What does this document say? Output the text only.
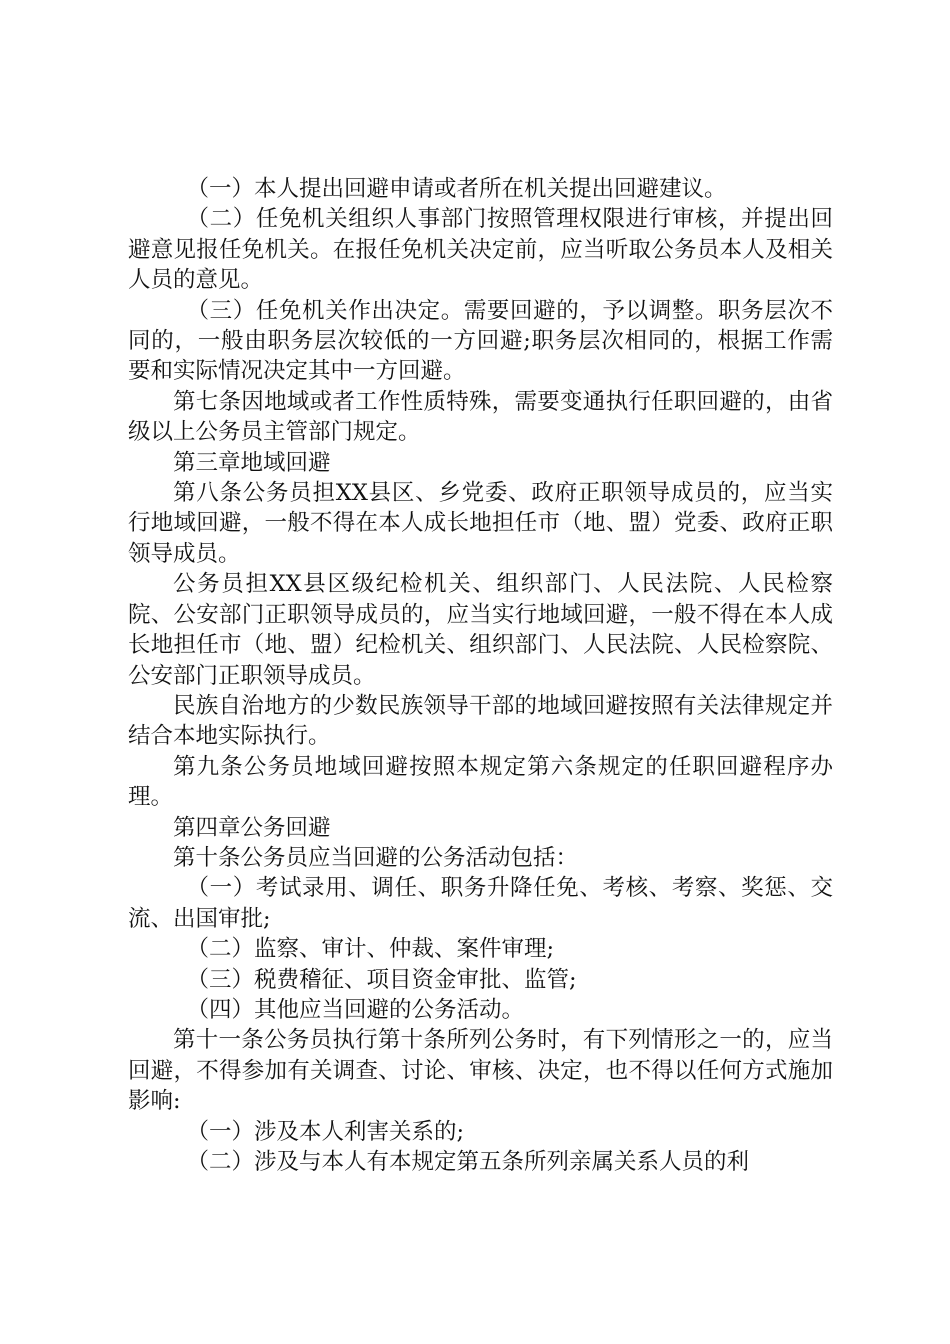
（一）本人提出回避申请或者所在机关提出回避建议。

（二）任免机关组织人事部门按照管理权限进行审核，并提出回避意见报任免机关。在报任免机关决定前，应当听取公务员本人及相关人员的意见。

（三）任免机关作出决定。需要回避的，予以调整。职务层次不同的，一般由职务层次较低的一方回避;职务层次相同的，根据工作需要和实际情况决定其中一方回避。

第七条因地域或者工作性质特殊，需要变通执行任职回避的，由省级以上公务员主管部门规定。

第三章地域回避

第八条公务员担XX县区、乡党委、政府正职领导成员的，应当实行地域回避，一般不得在本人成长地担任市（地、盟）党委、政府正职领导成员。

公务员担XX县区级纪检机关、组织部门、人民法院、人民检察院、公安部门正职领导成员的，应当实行地域回避，一般不得在本人成长地担任市（地、盟）纪检机关、组织部门、人民法院、人民检察院、公安部门正职领导成员。

民族自治地方的少数民族领导干部的地域回避按照有关法律规定并结合本地实际执行。

第九条公务员地域回避按照本规定第六条规定的任职回避程序办理。

第四章公务回避

第十条公务员应当回避的公务活动包括：

（一）考试录用、调任、职务升降任免、考核、考察、奖惩、交流、出国审批;

（二）监察、审计、仲裁、案件审理;

（三）税费稽征、项目资金审批、监管;

（四）其他应当回避的公务活动。

第十一条公务员执行第十条所列公务时，有下列情形之一的，应当回避，不得参加有关调查、讨论、审核、决定，也不得以任何方式施加影响:

（一）涉及本人利害关系的;

（二）涉及与本人有本规定第五条所列亲属关系人员的利
